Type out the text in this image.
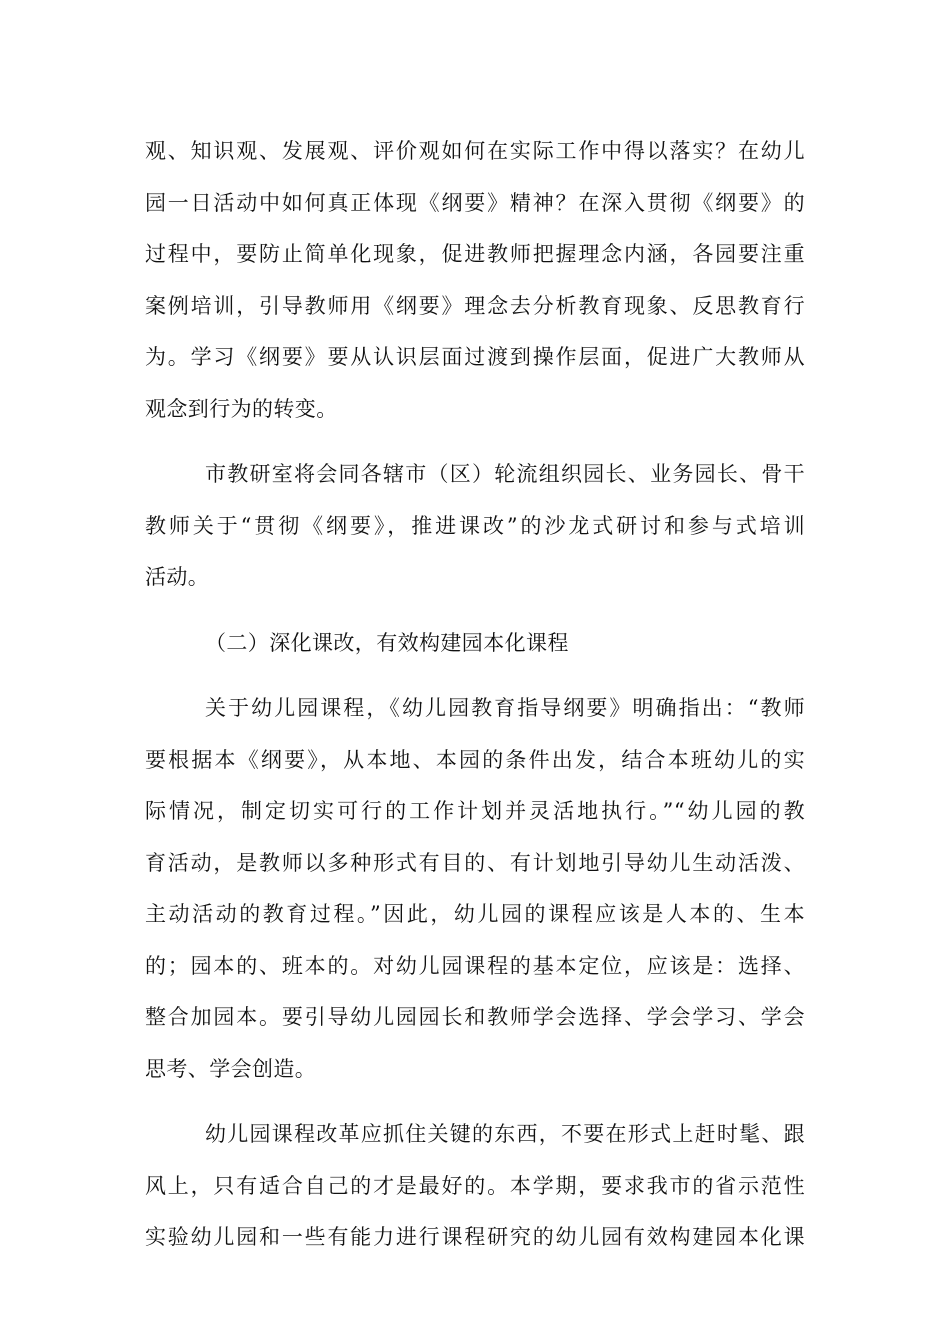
观、知识观、发展观、评价观如何在实际工作中得以落实？在幼儿
园一日活动中如何真正体现《纲要》精神？在深入贯彻《纲要》的
过程中，要防止简单化现象，促进教师把握理念内涵，各园要注重
案例培训，引导教师用《纲要》理念去分析教育现象、反思教育行
为。学习《纲要》要从认识层面过渡到操作层面，促进广大教师从
观念到行为的转变。
市教研室将会同各辖市（区）轮流组织园长、业务园长、骨干
教师关于“贯彻《纲要》，推进课改”的沙龙式研讨和参与式培训
活动。
（二）深化课改，有效构建园本化课程
关于幼儿园课程，《幼儿园教育指导纲要》明确指出：“教师
要根据本《纲要》，从本地、本园的条件出发，结合本班幼儿的实
际情况，制定切实可行的工作计划并灵活地执行。”“幼儿园的教
育活动，是教师以多种形式有目的、有计划地引导幼儿生动活泼、
主动活动的教育过程。”因此，幼儿园的课程应该是人本的、生本
的；园本的、班本的。对幼儿园课程的基本定位，应该是：选择、
整合加园本。要引导幼儿园园长和教师学会选择、学会学习、学会
思考、学会创造。
幼儿园课程改革应抓住关键的东西，不要在形式上赶时髦、跟
风上，只有适合自己的才是最好的。本学期，要求我市的省示范性
实验幼儿园和一些有能力进行课程研究的幼儿园有效构建园本化课
